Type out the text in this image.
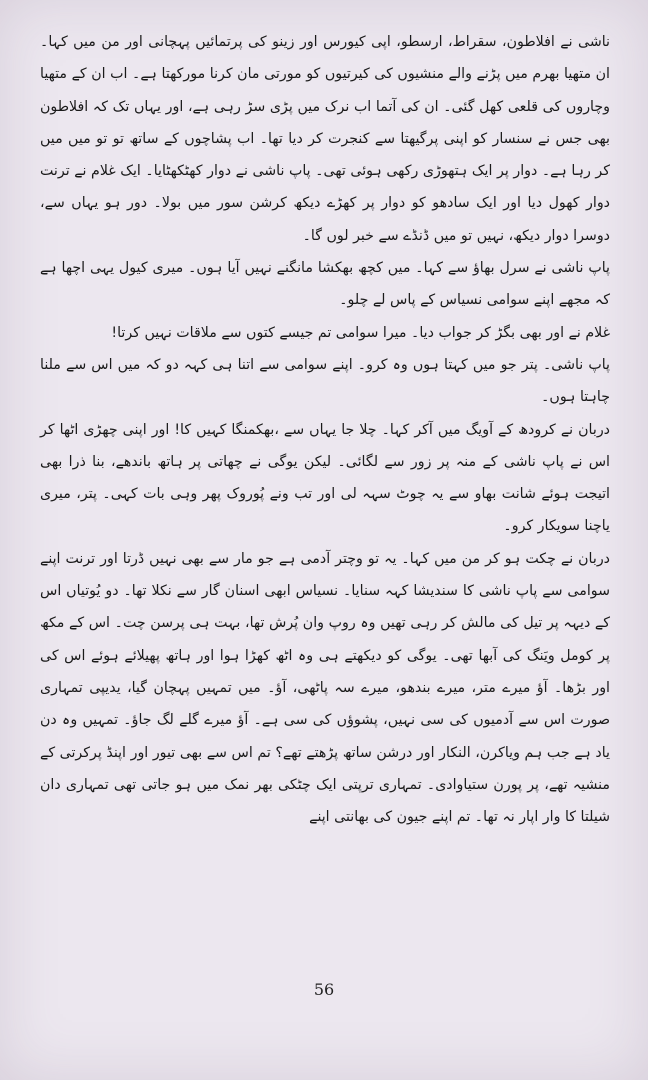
ناشی نے افلاطون، سقراط، ارسطو، اپی کیورس اور زینو کی پرتمائیں پہچانی اور من میں کہا۔ ان متھیا بھرم میں پڑنے والے منشیوں کی کیرتیوں کو مورتی مان کرنا مورکھتا ہے۔ اب ان کے متھیا وچاروں کی قلعی کھل گئی۔ ان کی آتما اب نرک میں پڑی سڑ رہی ہے، اور یہاں تک کہ افلاطون بھی جس نے سنسار کو اپنی پرگیھتا سے کنجرت کر دیا تھا۔ اب پشاچوں کے ساتھ تو تو میں میں کر رہا ہے۔ دوار پر ایک ہتھوڑی رکھی ہوئی تھی۔ پاپ ناشی نے دوار کھٹکھٹایا۔ ایک غلام نے ترنت دوار کھول دیا اور ایک سادھو کو دوار پر کھڑے دیکھ کرشن سور میں بولا۔ دور ہو یہاں سے، دوسرا دوار دیکھ، نہیں تو میں ڈنڈے سے خبر لوں گا۔

پاپ ناشی نے سرل بھاؤ سے کہا۔ میں کچھ بھکشا مانگنے نہیں آیا ہوں۔ میری کیول یہی اچھا ہے کہ مجھے اپنے سوامی نسیاس کے پاس لے چلو۔

غلام نے اور بھی بگڑ کر جواب دیا۔ میرا سوامی تم جیسے کتوں سے ملاقات نہیں کرتا!

پاپ ناشی۔ پتر جو میں کہتا ہوں وہ کرو۔ اپنے سوامی سے اتنا ہی کہہ دو کہ میں اس سے ملنا چاہتا ہوں۔

دربان نے کرودھ کے آویگ میں آکر کہا۔ چلا جا یہاں سے ،بھکمنگا کہیں کا! اور اپنی چھڑی اٹھا کر اس نے پاپ ناشی کے منہ پر زور سے لگائی۔ لیکن یوگی نے چھاتی پر ہاتھ باندھے، بنا ذرا بھی اتیجت ہوئے شانت بھاو سے یہ چوٹ سہہ لی اور تب ونے پُوروک پھر وہی بات کہی۔ پتر، میری یاچنا سویکار کرو۔

دربان نے چکت ہو کر من میں کہا۔ یہ تو وچتر آدمی ہے جو مار سے بھی نہیں ڈرتا اور ترنت اپنے سوامی سے پاپ ناشی کا سندیشا کہہ سنایا۔ نسیاس ابھی اسنان گار سے نکلا تھا۔ دو یُوتیاں اس کے دیہہ پر تیل کی مالش کر رہی تھیں وہ روپ وان پُرش تھا، بہت ہی پرسن چت۔ اس کے مکھ پر کومل ویَنگ کی آبھا تھی۔ یوگی کو دیکھتے ہی وہ اٹھ کھڑا ہوا اور ہاتھ پھیلائے ہوئے اس کی اور بڑھا۔ آؤ میرے متر، میرے بندھو، میرے سہ پاٹھی، آؤ۔ میں تمہیں پہچان گیا، یدیپی تمہاری صورت اس سے آدمیوں کی سی نہیں، پشوؤں کی سی ہے۔ آؤ میرے گلے لگ جاؤ۔ تمہیں وہ دن یاد ہے جب ہم ویاکرن، النکار اور درشن ساتھ پڑھتے تھے؟ تم اس سے بھی تیور اور اپنڈ پرکرتی کے منشیہ تھے، پر پورن ستیاوادی۔ تمہاری ترپتی ایک چٹکی بھر نمک میں ہو جاتی تھی تمہاری دان شیلتا کا وار اپار نہ تھا۔ تم اپنے جیون کی بھانتی اپنے

56
